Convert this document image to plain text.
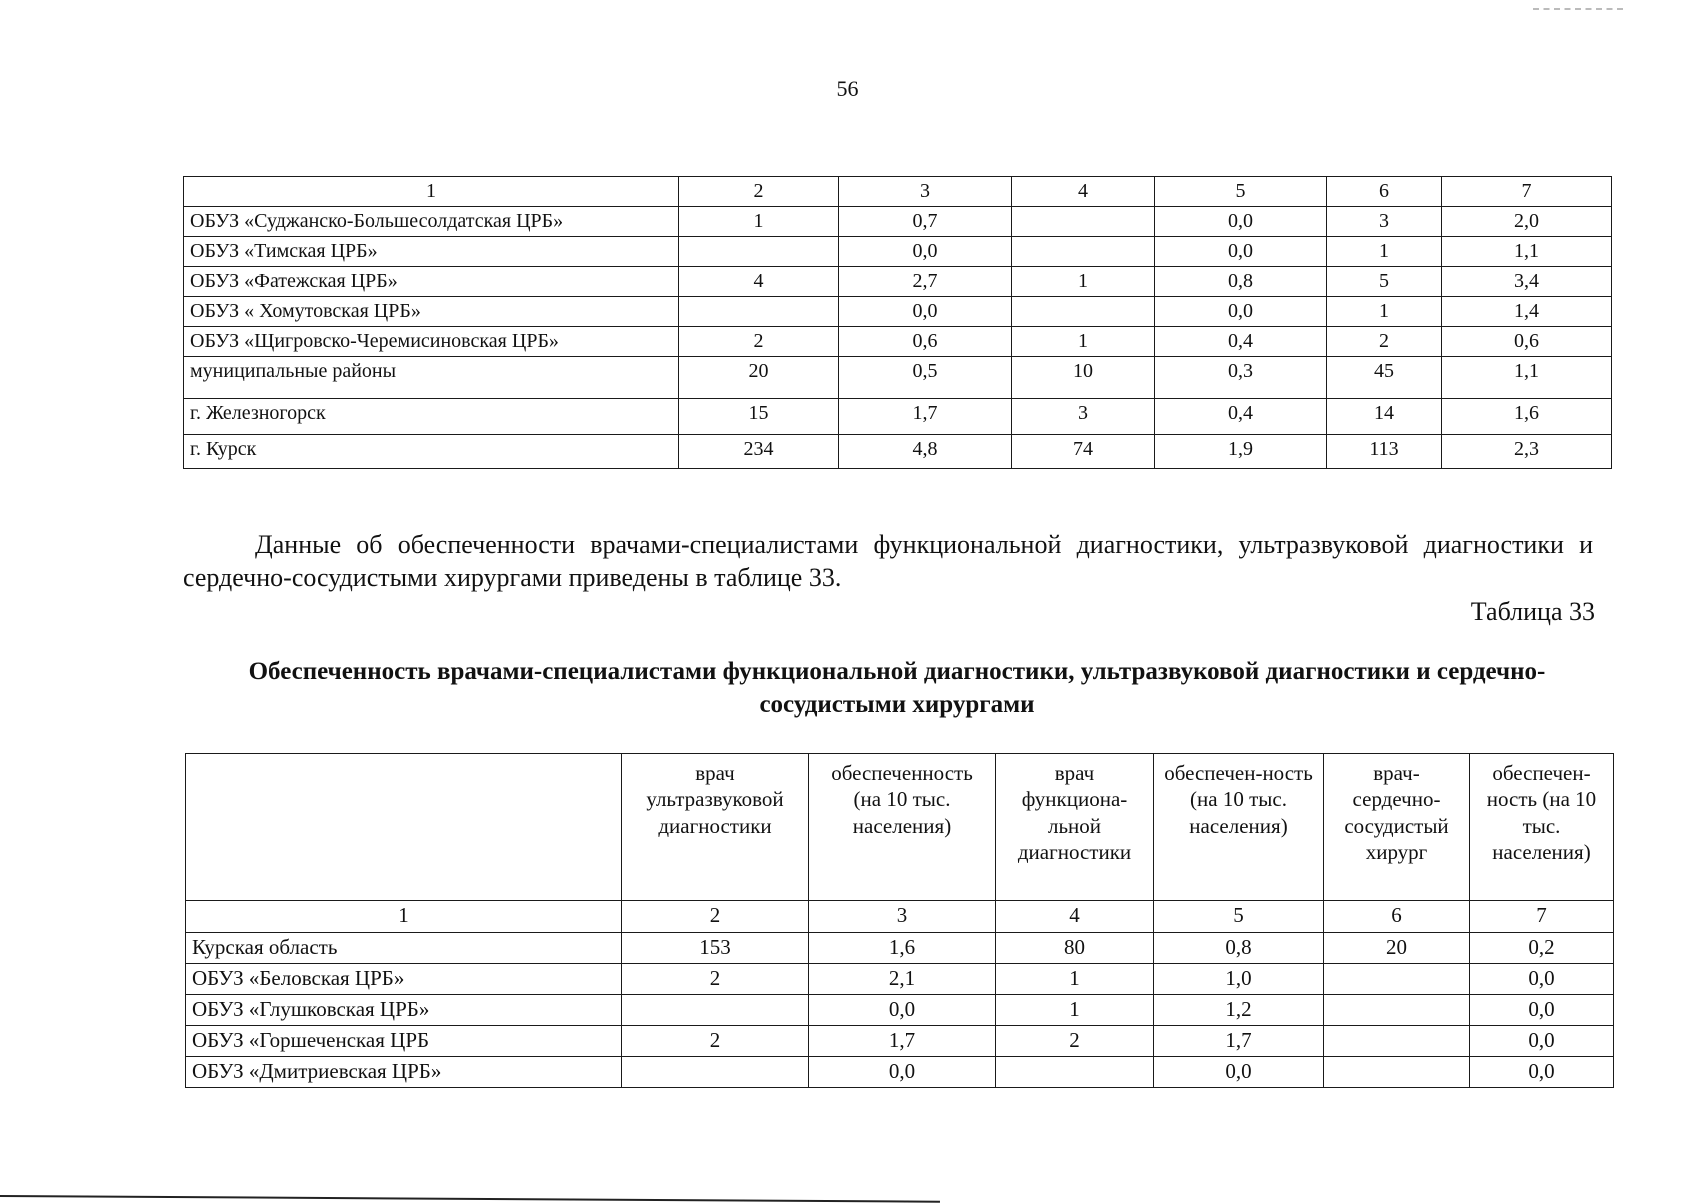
56
1	2	3	4	5	6	7
ОБУЗ «Суджанско-Большесолдатская ЦРБ»	1	0,7		0,0	3	2,0
ОБУЗ «Тимская ЦРБ»		0,0		0,0	1	1,1
ОБУЗ «Фатежская ЦРБ»	4	2,7	1	0,8	5	3,4
ОБУЗ « Хомутовская ЦРБ»		0,0		0,0	1	1,4
ОБУЗ «Щигровско-Черемисиновская ЦРБ»	2	0,6	1	0,4	2	0,6
муниципальные районы	20	0,5	10	0,3	45	1,1
г. Железногорск	15	1,7	3	0,4	14	1,6
г. Курск	234	4,8	74	1,9	113	2,3

Данные об обеспеченности врачами-специалистами функциональной диагностики, ультразвуковой диагностики и сердечно-сосудистыми хирургами приведены в таблице 33.

Таблица 33
Обеспеченность врачами-специалистами функциональной диагностики, ультразвуковой диагностики и сердечно-сосудистыми хирургами
	врач ультразвуковой диагностики	обеспеченность (на 10 тыс. населения)	врач функциона-льной диагностики	обеспечен-ность (на 10 тыс. населения)	врач-сердечно-сосудистый хирург	обеспечен-ность (на 10 тыс. населения)
1	2	3	4	5	6	7
Курская область	153	1,6	80	0,8	20	0,2
ОБУЗ «Беловская ЦРБ»	2	2,1	1	1,0		0,0
ОБУЗ «Глушковская ЦРБ»		0,0	1	1,2		0,0
ОБУЗ «Горшеченская ЦРБ	2	1,7	2	1,7		0,0
ОБУЗ «Дмитриевская ЦРБ»		0,0		0,0		0,0
